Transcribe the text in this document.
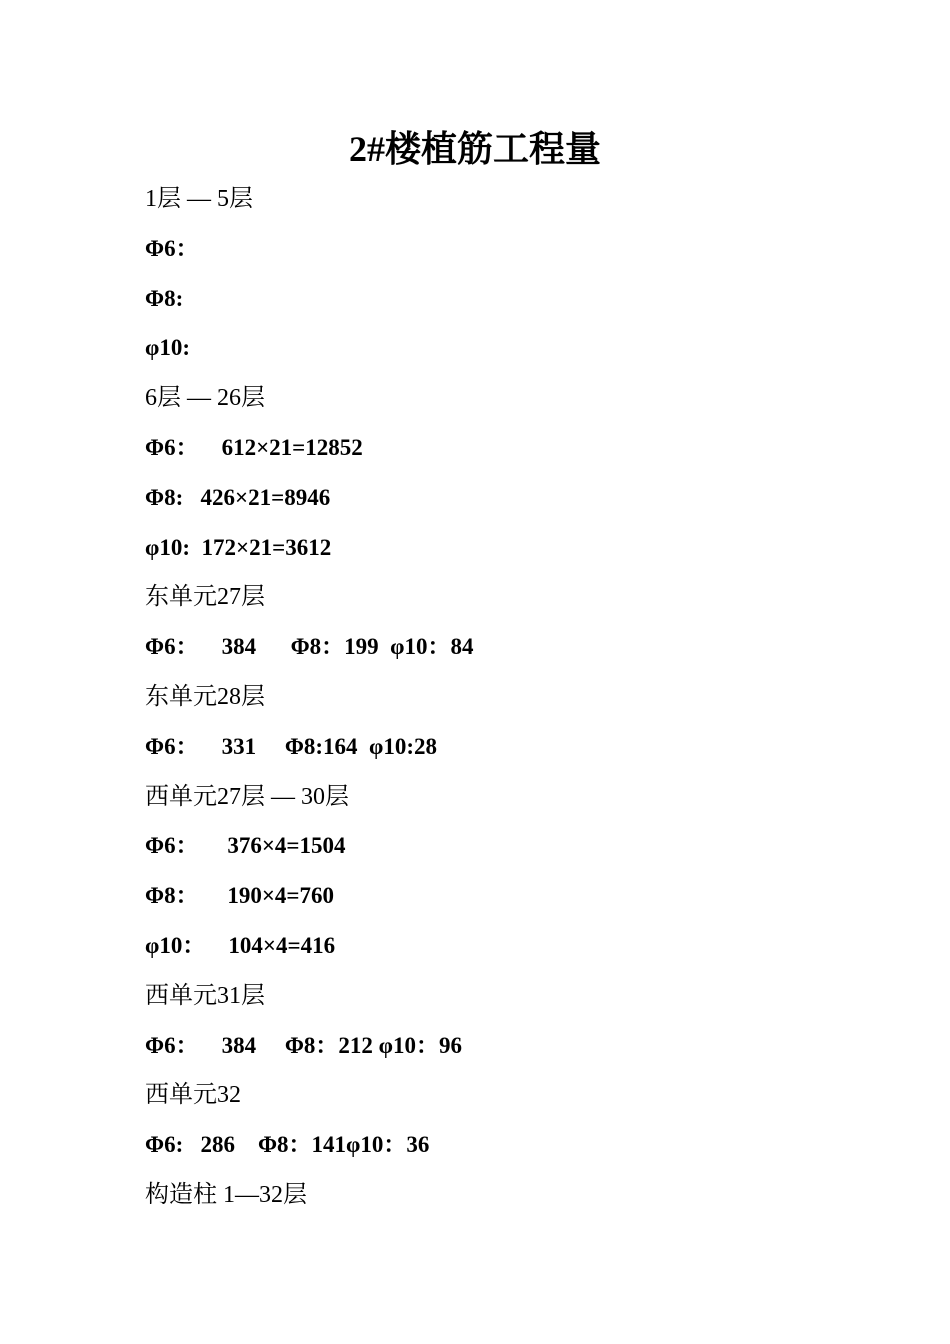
2#楼植筋工程量
1层 — 5层
Φ6：
Φ8:
φ10:
6层 — 26层
Φ6：    612×21=12852
Φ8:   426×21=8946
φ10:  172×21=3612
东单元27层
Φ6：    384      Φ8：199  φ10：84
东单元28层
Φ6：    331     Φ8:164  φ10:28
西单元27层 — 30层
Φ6：     376×4=1504
Φ8：     190×4=760
φ10：    104×4=416
西单元31层
Φ6：    384     Φ8：212 φ10：96
西单元32
Φ6:   286    Φ8：141φ10：36
构造柱 1—32层
